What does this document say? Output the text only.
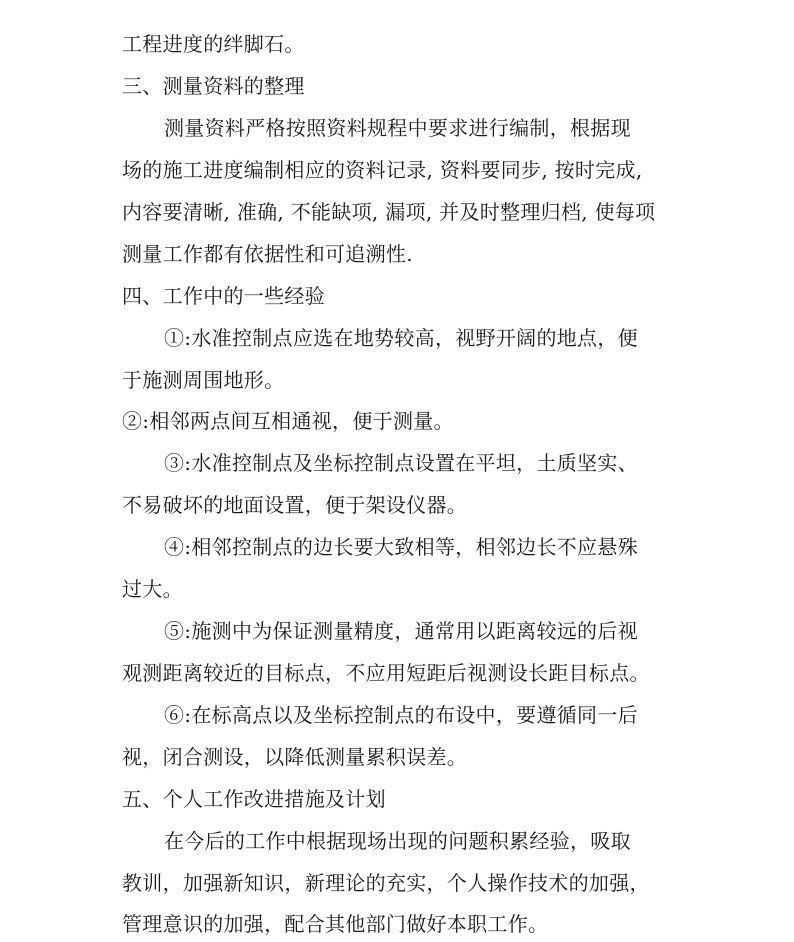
工程进度的绊脚石。
三、测量资料的整理
测量资料严格按照资料规程中要求进行编制，根据现
场的施工进度编制相应的资料记录, 资料要同步, 按时完成,
内容要清晰, 准确, 不能缺项, 漏项, 并及时整理归档, 使每项
测量工作都有依据性和可追溯性.
四、工作中的一些经验
①:水准控制点应选在地势较高，视野开阔的地点，便
于施测周围地形。
②:相邻两点间互相通视，便于测量。
③:水准控制点及坐标控制点设置在平坦，土质坚实、
不易破坏的地面设置，便于架设仪器。
④:相邻控制点的边长要大致相等，相邻边长不应悬殊
过大。
⑤:施测中为保证测量精度，通常用以距离较远的后视
观测距离较近的目标点，不应用短距后视测设长距目标点。
⑥:在标高点以及坐标控制点的布设中，要遵循同一后
视，闭合测设，以降低测量累积误差。
五、个人工作改进措施及计划
在今后的工作中根据现场出现的问题积累经验，吸取
教训，加强新知识，新理论的充实，个人操作技术的加强，
管理意识的加强，配合其他部门做好本职工作。
